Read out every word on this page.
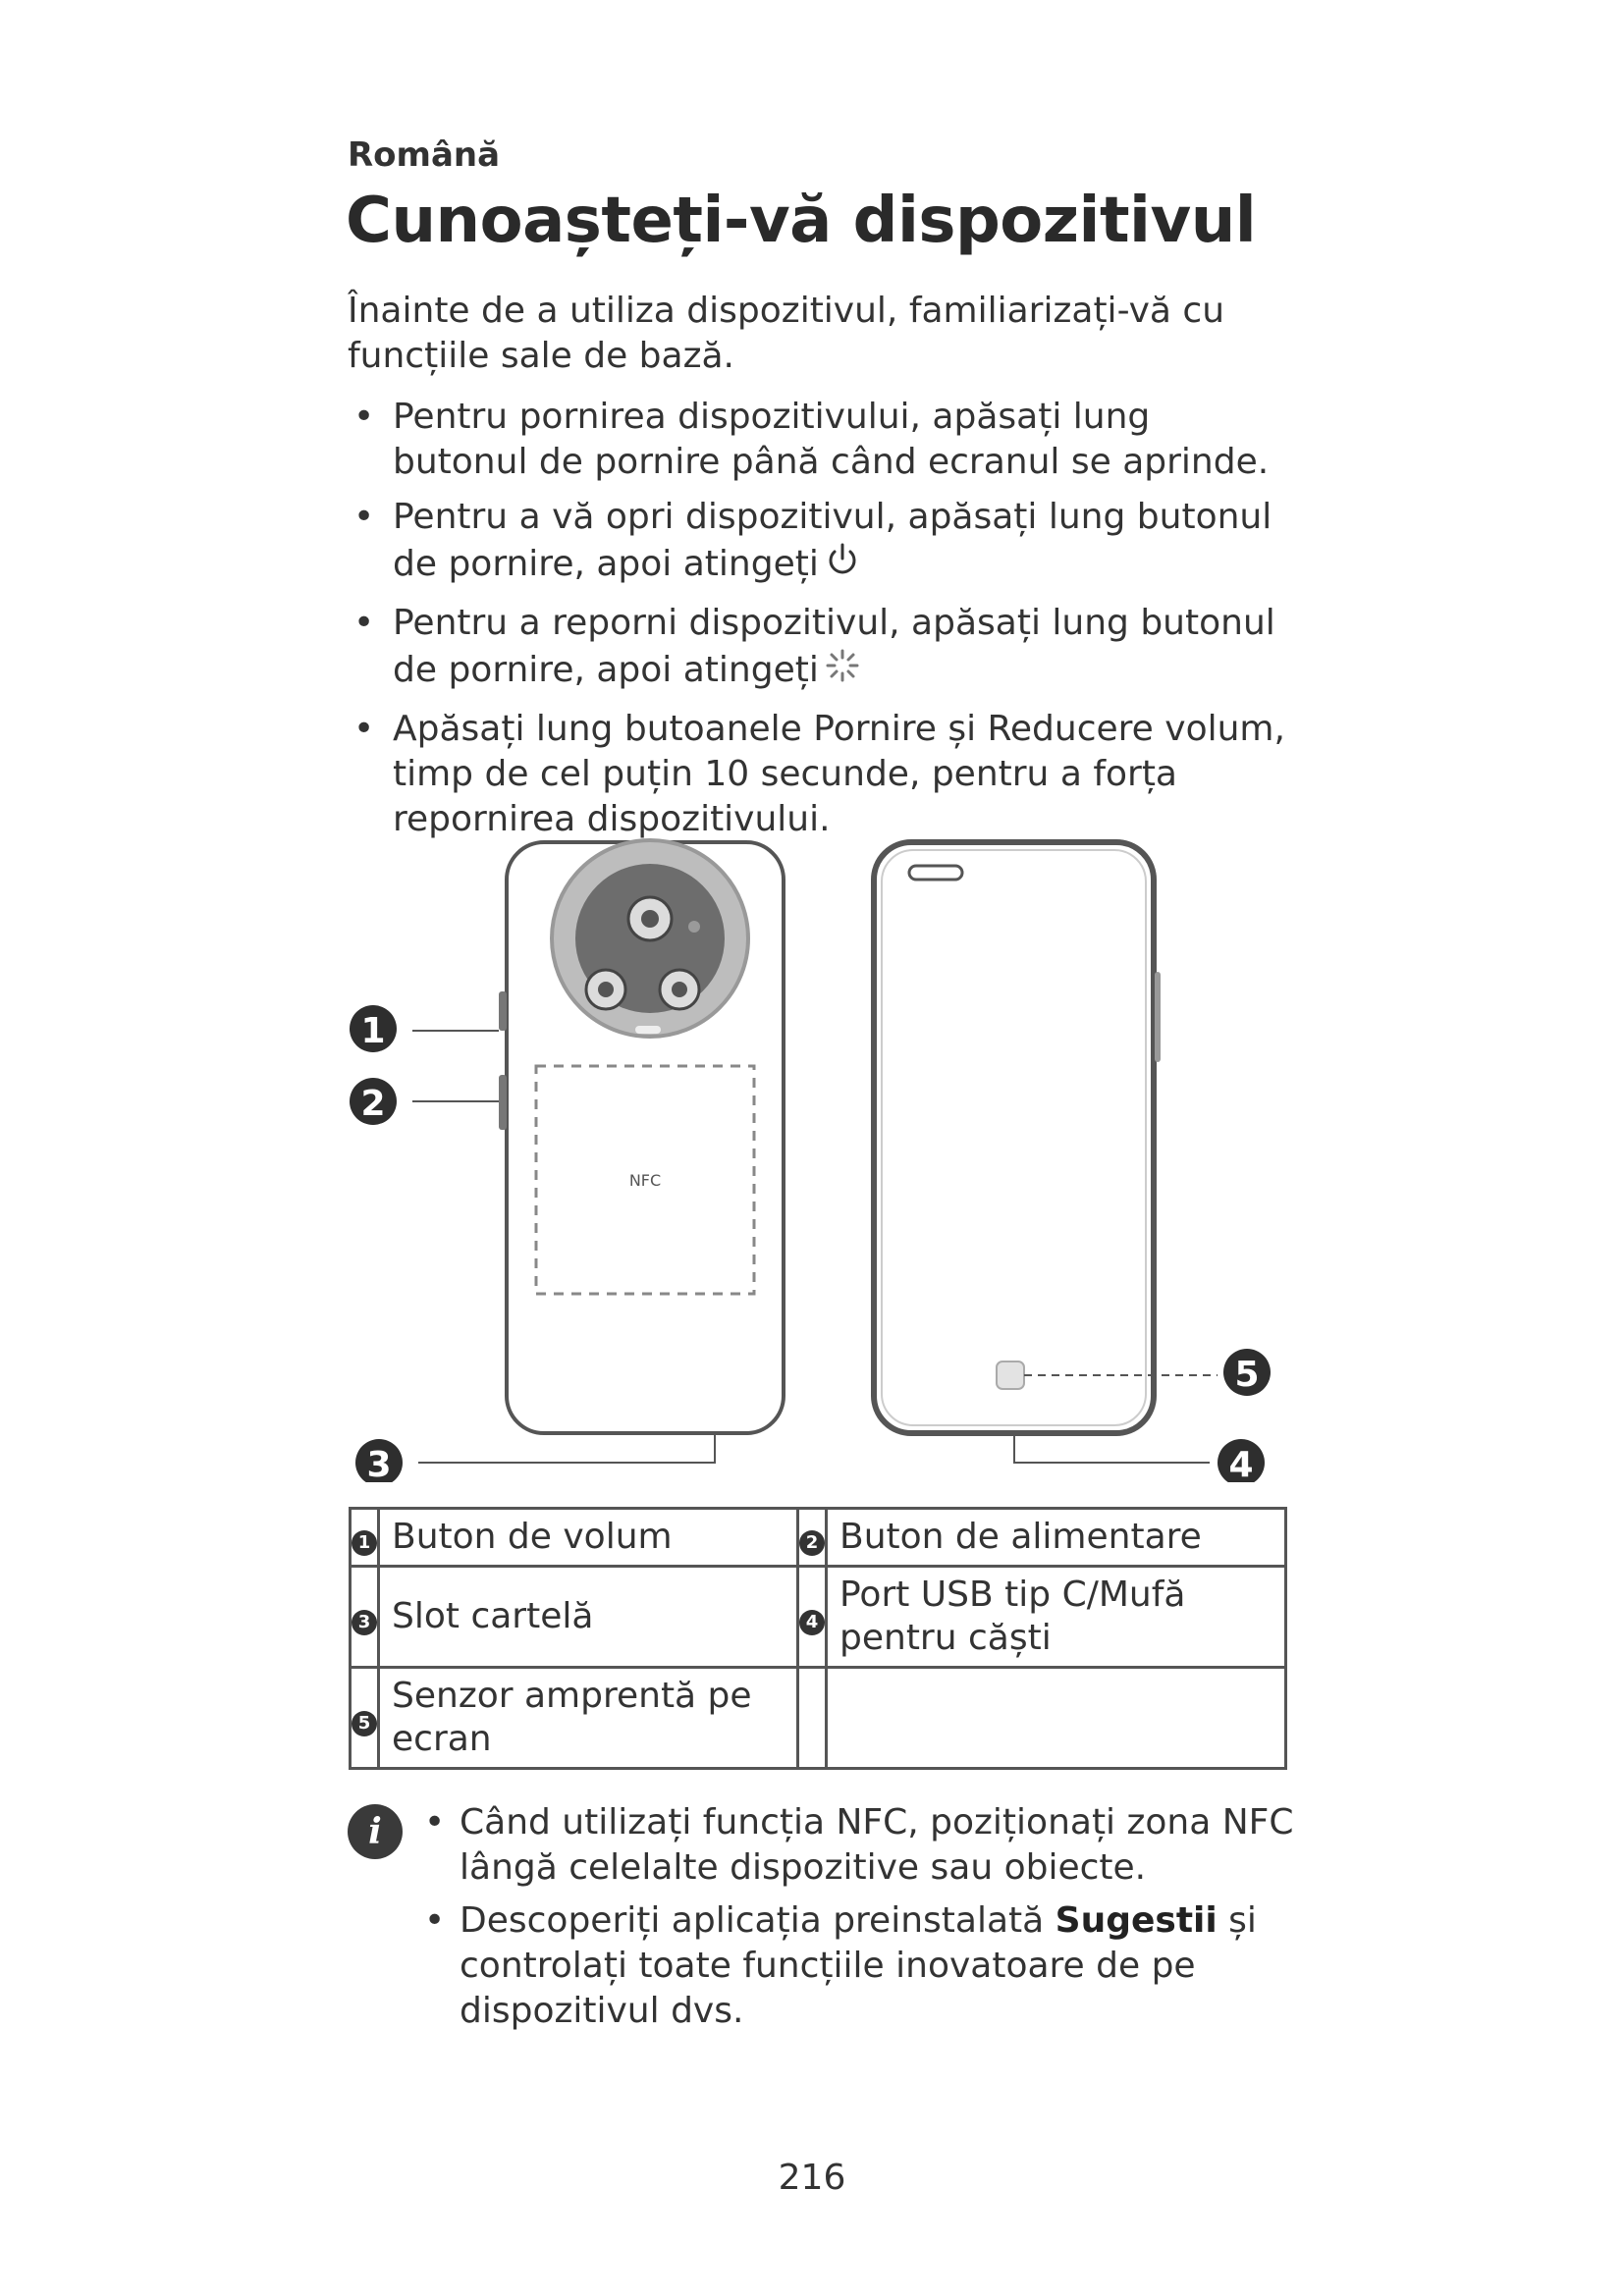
Română
Cunoașteți-vă dispozitivul
Înainte de a utiliza dispozitivul, familiarizați-vă cu funcțiile sale de bază.
• Pentru pornirea dispozitivului, apăsați lung butonul de pornire până când ecranul se aprinde.
• Pentru a vă opri dispozitivul, apăsați lung butonul de pornire, apoi atingeți
• Pentru a reporni dispozitivul, apăsați lung butonul de pornire, apoi atingeți
• Apăsați lung butoanele Pornire și Reducere volum, timp de cel puțin 10 secunde, pentru a forța repornirea dispozitivului.
NFC
1
2
3	4
5
1	Buton de volum	2	Buton de alimentare
3	Slot cartelă	4	Port USB tip C/Mufă pentru căști
5	Senzor amprentă pe ecran		
i	• Când utilizați funcția NFC, poziționați zona NFC lângă celelalte dispozitive sau obiecte.
• Descoperiți aplicația preinstalată Sugestii și controlați toate funcțiile inovatoare de pe dispozitivul dvs.
216
